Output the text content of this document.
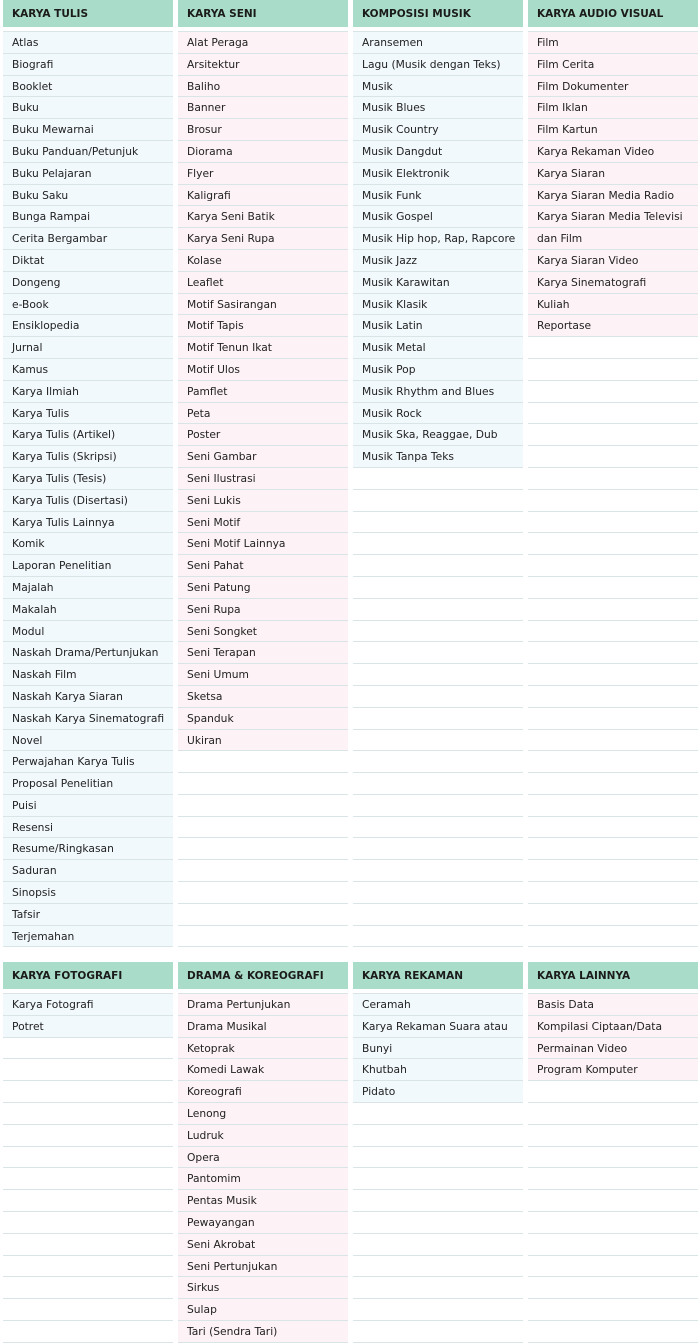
KARYA TULIS
Atlas
Biografi
Booklet
Buku
Buku Mewarnai
Buku Panduan/Petunjuk
Buku Pelajaran
Buku Saku
Bunga Rampai
Cerita Bergambar
Diktat
Dongeng
e-Book
Ensiklopedia
Jurnal
Kamus
Karya Ilmiah
Karya Tulis
Karya Tulis (Artikel)
Karya Tulis (Skripsi)
Karya Tulis (Tesis)
Karya Tulis (Disertasi)
Karya Tulis Lainnya
Komik
Laporan Penelitian
Majalah
Makalah
Modul
Naskah Drama/Pertunjukan
Naskah Film
Naskah Karya Siaran
Naskah Karya Sinematografi
Novel
Perwajahan Karya Tulis
Proposal Penelitian
Puisi
Resensi
Resume/Ringkasan
Saduran
Sinopsis
Tafsir
Terjemahan
KARYA SENI
Alat Peraga
Arsitektur
Baliho
Banner
Brosur
Diorama
Flyer
Kaligrafi
Karya Seni Batik
Karya Seni Rupa
Kolase
Leaflet
Motif Sasirangan
Motif Tapis
Motif Tenun Ikat
Motif Ulos
Pamflet
Peta
Poster
Seni Gambar
Seni Ilustrasi
Seni Lukis
Seni Motif
Seni Motif Lainnya
Seni Pahat
Seni Patung
Seni Rupa
Seni Songket
Seni Terapan
Seni Umum
Sketsa
Spanduk
Ukiran
KOMPOSISI MUSIK
Aransemen
Lagu (Musik dengan Teks)
Musik
Musik Blues
Musik Country
Musik Dangdut
Musik Elektronik
Musik Funk
Musik Gospel
Musik Hip hop, Rap, Rapcore
Musik Jazz
Musik Karawitan
Musik Klasik
Musik Latin
Musik Metal
Musik Pop
Musik Rhythm and Blues
Musik Rock
Musik Ska, Reaggae, Dub
Musik Tanpa Teks
KARYA AUDIO VISUAL
Film
Film Cerita
Film Dokumenter
Film Iklan
Film Kartun
Karya Rekaman Video
Karya Siaran
Karya Siaran Media Radio
Karya Siaran Media Televisi
dan Film
Karya Siaran Video
Karya Sinematografi
Kuliah
Reportase
KARYA FOTOGRAFI
Karya Fotografi
Potret
DRAMA & KOREOGRAFI
Drama Pertunjukan
Drama Musikal
Ketoprak
Komedi Lawak
Koreografi
Lenong
Ludruk
Opera
Pantomim
Pentas Musik
Pewayangan
Seni Akrobat
Seni Pertunjukan
Sirkus
Sulap
Tari (Sendra Tari)
KARYA REKAMAN
Ceramah
Karya Rekaman Suara atau
Bunyi
Khutbah
Pidato
KARYA LAINNYA
Basis Data
Kompilasi Ciptaan/Data
Permainan Video
Program Komputer
